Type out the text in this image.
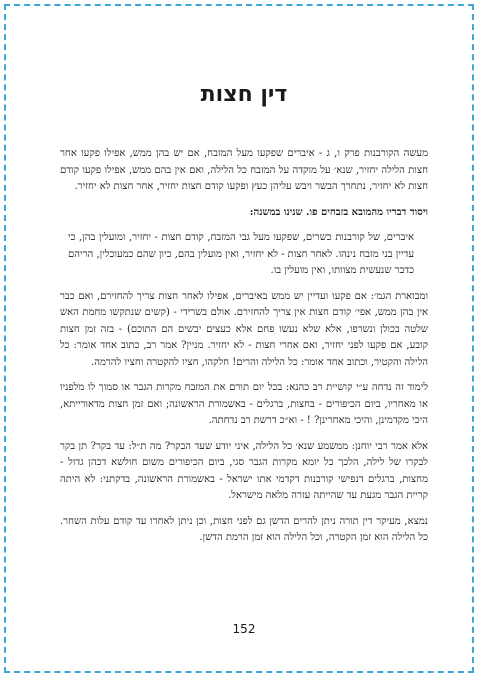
דין חצות

מעשה הקורבנות פרק ו, ג - איברים שפקעו מעל המזבח, אם יש בהן ממש, אפילו פקעו אחר חצות הלילה יחזיר, שנא׳ על מוקדה על המזבח כל הלילה, ואם אין בהם ממש, אפילו פקעו קודם חצות לא יחזיר, נתחרך הבשר ויבש עליהן כעץ ופקעו קודם חצות יחזיר, אחר חצות לא יחזיר.

ויסוד דבריו מהמובא בזבחים פו. שנינו במשנה:

איברים, של קורבנות כשרים, שפקעו מעל גבי המזבח, קודם חצות - יחזיר, ומועלין בהן, כי עדיין בני מזבח נינהו. לאחר חצות - לא יחזיר, ואין מועלין בהם, כיון שהם כמעוכלין, הריהם כדבר שנעשית מצוותו, ואין מועלין בו.

ומבוארת הגמ׳: אם פקעו ועדיין יש ממש באיברים, אפילו לאחר חצות צריך להחזירם, ואם כבר אין בהן ממש, אפי׳ קודם חצות אין צריך להחזירם. אולם בשרידי - (קשים שנתקשו מחמת האש שלטה בכולן ונשרפו, אלא שלא נעשו פחם אלא כעצים יבשים הם התוכם) - בזה זמן חצות קובע, אם פקעו לפני יחזיר, ואם אחרי חצות - לא יחזיר. מניין? אמר רב, כתוב אחד אומר: כל הלילה והקטיר, וכתוב אחד אומר: כל הלילה והרים! חלקהו, חציו להקטרה וחציו להרמה.

לימוד זה נדחה ע״י קושיית רב כהנא: בכל יום תורם את המזבח מקרות הגבר או סמוך לו מלפניו או מאחריו, ביום הכיפורים - בחצות, ברגלים - באשמורת הראשונה; ואם זמן חצות מדאורייתא, היכי מקדמינן, והיכי מאחרינן? ! - וא״כ דרשת רב נדחתה.

אלא אמר רבי יוחנן: ממשמע שנא׳ כל הלילה, איני יודע שעד הבקר? מה ת״ל: עד בקר? תן בקר לבקרו של לילה, הלכך כל יומא מקרות הגבר סגי, ביום הכיפורים משום חולשא דכהן גדול - מחצות, ברגלים דנפישי קורבנות דקדמי אתו ישראל - באשמורת הראשונה, בדקתני: לא היתה קריית הגבר מגעת עד שהייתה עזרה מלאה מישראל.

נמצא, מעיקר דין תורה ניתן להרים הדשן גם לפני חצות, וכן ניתן לאחרו עד קודם עלות השחר. כל הלילה הוא זמן הקטרה, וכל הלילה הוא זמן הרמת הדשן.

152
